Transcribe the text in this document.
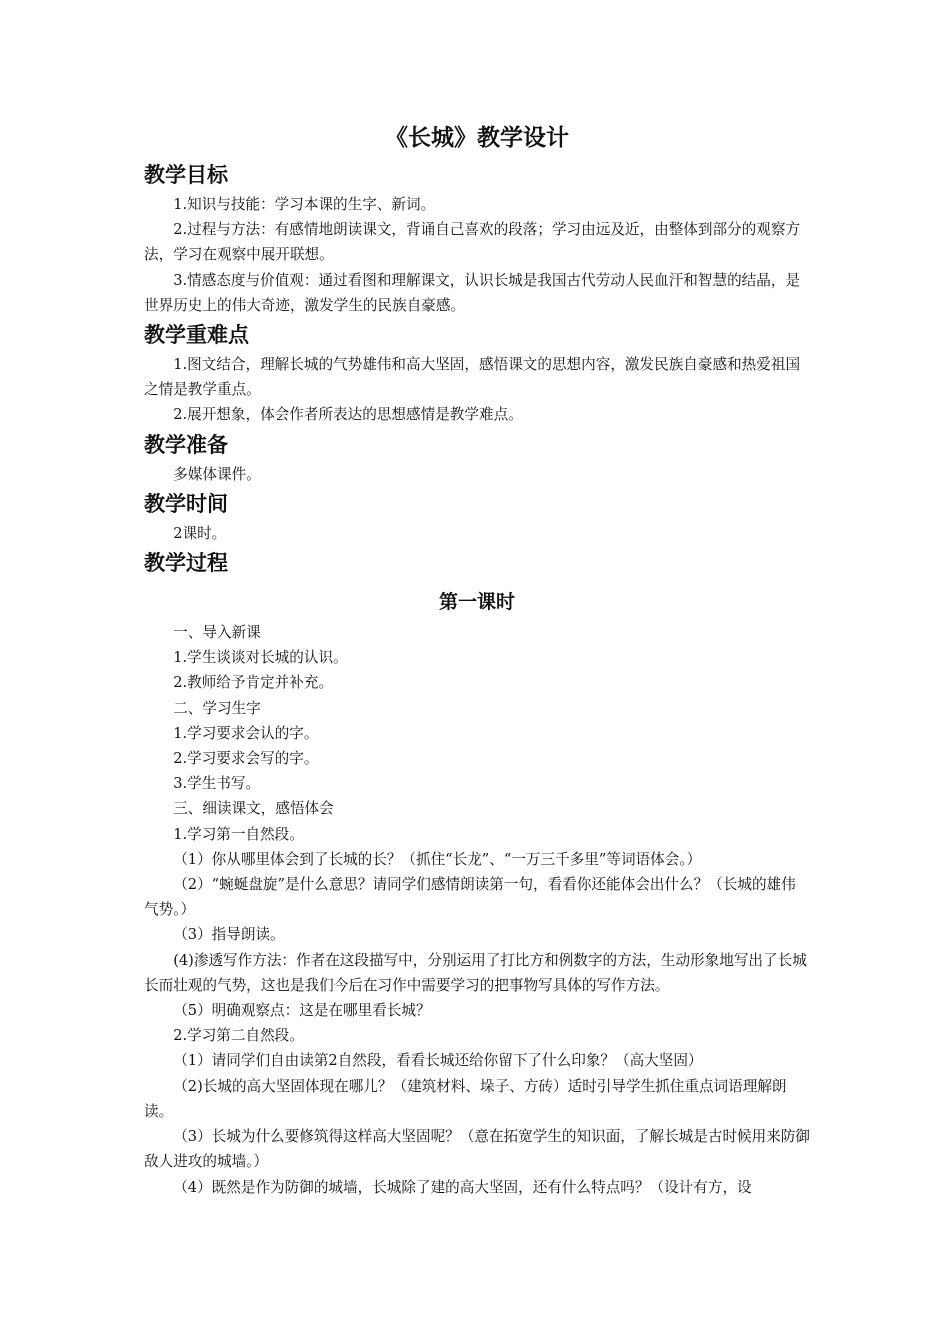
《长城》教学设计
教学目标

1.知识与技能：学习本课的生字、新词。

2.过程与方法：有感情地朗读课文，背诵自己喜欢的段落；学习由远及近，由整体到部分的观察方法，学习在观察中展开联想。

3.情感态度与价值观：通过看图和理解课文，认识长城是我国古代劳动人民血汗和智慧的结晶，是世界历史上的伟大奇迹，激发学生的民族自豪感。

教学重难点

1.图文结合，理解长城的气势雄伟和高大坚固，感悟课文的思想内容，激发民族自豪感和热爱祖国之情是教学重点。

2.展开想象，体会作者所表达的思想感情是教学难点。

教学准备

多媒体课件。

教学时间

2课时。

教学过程
第一课时

一、导入新课

1.学生谈谈对长城的认识。

2.教师给予肯定并补充。

二、学习生字

1.学习要求会认的字。

2.学习要求会写的字。

3.学生书写。

三、细读课文，感悟体会

1.学习第一自然段。

（1）你从哪里体会到了长城的长？（抓住“长龙”、“一万三千多里”等词语体会。）

（2）“蜿蜒盘旋”是什么意思？请同学们感情朗读第一句，看看你还能体会出什么？（长城的雄伟气势。）

（3）指导朗读。

(4)渗透写作方法：作者在这段描写中，分别运用了打比方和例数字的方法，生动形象地写出了长城长而壮观的气势，这也是我们今后在习作中需要学习的把事物写具体的写作方法。

（5）明确观察点：这是在哪里看长城？

2.学习第二自然段。

（1）请同学们自由读第2自然段，看看长城还给你留下了什么印象？（高大坚固）

（2)长城的高大坚固体现在哪儿？（建筑材料、垛子、方砖）适时引导学生抓住重点词语理解朗读。

（3）长城为什么要修筑得这样高大坚固呢？（意在拓宽学生的知识面，了解长城是古时候用来防御敌人进攻的城墙。）

（4）既然是作为防御的城墙，长城除了建的高大坚固，还有什么特点吗？（设计有方，设
